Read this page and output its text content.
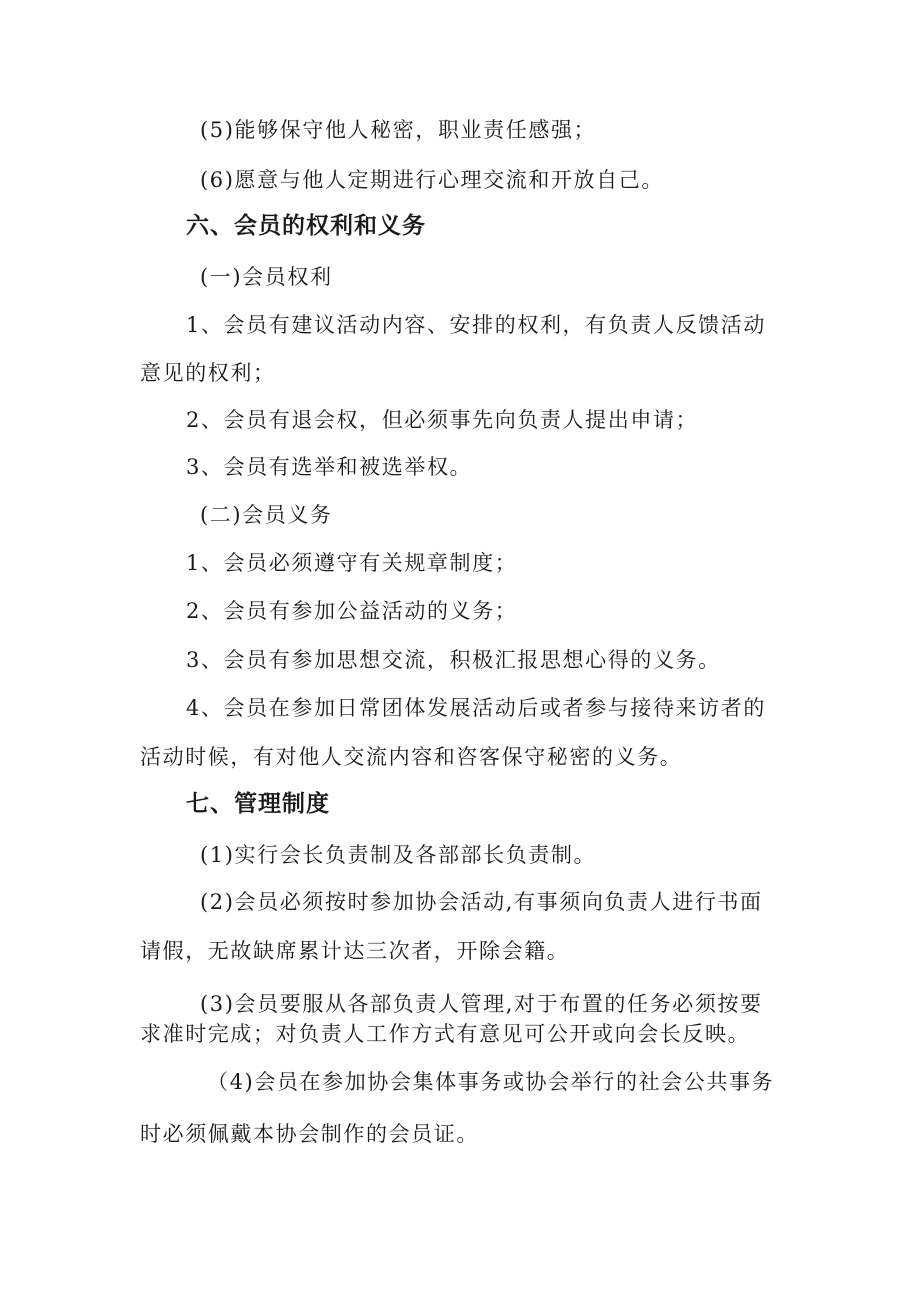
(5)能够保守他人秘密，职业责任感强；
(6)愿意与他人定期进行心理交流和开放自己。
六、会员的权利和义务
(一)会员权利
1、会员有建议活动内容、安排的权利，有负责人反馈活动
意见的权利；
2、会员有退会权，但必须事先向负责人提出申请；
3、会员有选举和被选举权。
(二)会员义务
1、会员必须遵守有关规章制度；
2、会员有参加公益活动的义务；
3、会员有参加思想交流，积极汇报思想心得的义务。
4、会员在参加日常团体发展活动后或者参与接待来访者的
活动时候，有对他人交流内容和咨客保守秘密的义务。
七、管理制度
(1)实行会长负责制及各部部长负责制。
(2)会员必须按时参加协会活动,有事须向负责人进行书面
请假，无故缺席累计达三次者，开除会籍。
(3)会员要服从各部负责人管理,对于布置的任务必须按要
求准时完成；对负责人工作方式有意见可公开或向会长反映。
（4)会员在参加协会集体事务或协会举行的社会公共事务
时必须佩戴本协会制作的会员证。
